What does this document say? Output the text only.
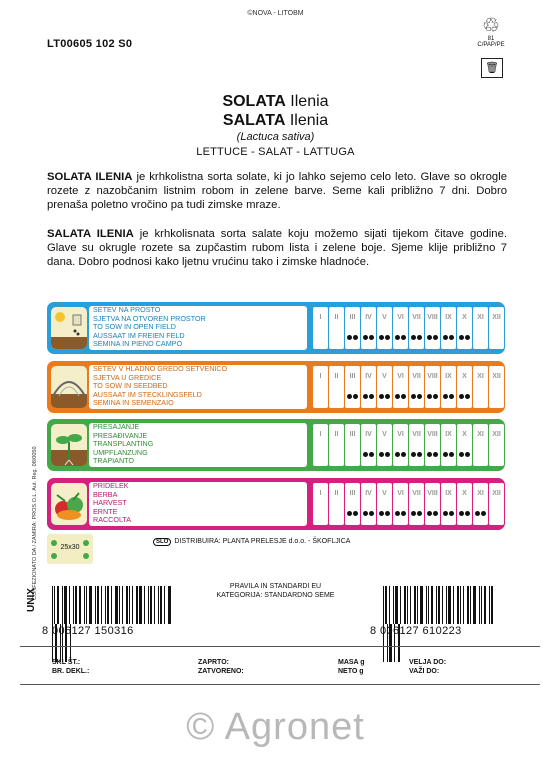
©NOVA - LITOBM
LT00605 102 S0
♲
81
C/PAP/PE
🗑
SOLATA Ilenia
SALATA Ilenia
(Lactuca sativa)
LETTUCE - SALAT - LATTUGA
SOLATA ILENIA je krhkolistna sorta solate, ki jo lahko sejemo celo leto. Glave so okrogle rozete z nazobčanim listnim robom in zelene barve. Seme kali približno 7 dni. Dobro prenaša poletno vročino pa tudi zimske mraze.
SALATA ILENIA je krhkolisnata sorta salate koju možemo sijati tijekom čitave godine. Glave su okrugle rozete sa zupčastim rubom lista i zelene boje. Sjeme klije približno 7 dana. Dobro podnosi kako ljetnu vrućinu tako i zimske hladnoće.
SETEV NA PROSTO
SJETVA NA OTVOREN PROSTOR
TO SOW IN OPEN FIELD
AUSSAAT IM FREIEN FELD
SEMINA IN PIENO CAMPO
I	II	III	IV	V	VI	VII VIII	IX	X	XI	XII
SETEV V HLADNO GREDO SETVENICO
SJETVA U GREDICE
TO SOW IN SEEDBED
AUSSAAT IM STECKLINGSFELD
SEMINA IN SEMENZAIO
I	II	III	IV	V	VI	VII VIII	IX	X	XI	XII
PRESAJANJE
PRESAĐIVANJE
TRANSPLANTING
UMPFLANZUNG
TRAPIANTO
I	II	III	IV	V	VI	VII VIII	IX	X	XI	XII
PRIDELEK
BERBA
HARVEST
ERNTE
RACCOLTA
I	II	III	IV	V	VI	VII VIII	IX	X	XI	XII
CONFEZIONATO DA / ZAMIRA: PROS.O.L. Aut. Reg. 08/0050	25x30
SLO DISTRIBUIRA: PLANTA PRELESJE d.o.o. - ŠKOFLJICA
PRAVILA IN STANDARDI EU
KATEGORIJA: STANDARDNO SEME
UNIX
8 006127 150316	8 006127 610223
SKL ŠT.:
BR. DEKL.:
ZAPRTO:
ZATVORENO:
MASA g
NETO g
VELJA DO:
VAŽI DO:
© Agronet
